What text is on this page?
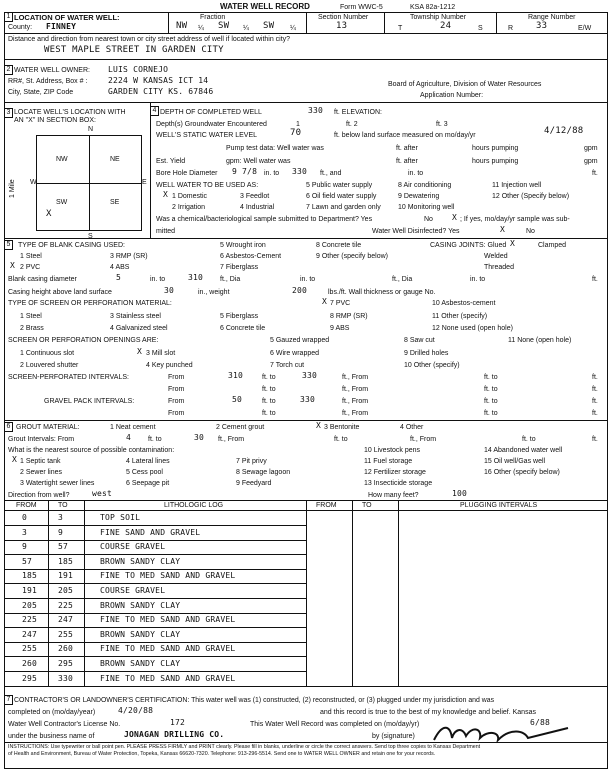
WATER WELL RECORD	Form WWC-5	KSA 82a-1212
1 LOCATION OF WATER WELL:
County: FINNEY
Fraction
NW ¼ SW ¼ SW ¼
Section Number
13
Township Number
T	24	S
Range Number
R	33	E/W
Distance and direction from nearest town or city street address of well if located within city?
WEST MAPLE STREET IN GARDEN CITY
2 WATER WELL OWNER: LUIS CORNEJO
RR#, St. Address, Box # :	2224 W KANSAS ICT 14	Board of Agriculture, Division of Water Resources
City, State, ZIP Code	GARDEN CITY KS. 67846	Application Number:
3 LOCATE WELL'S LOCATION WITH
AN "X" IN SECTION BOX:
N
S
W	E
1 Mile
NW	NE
SW	SE
X
4 DEPTH OF COMPLETED WELL	330 ft. ELEVATION:
Depth(s) Groundwater Encountered	1	ft. 2	ft. 3
WELL'S STATIC WATER LEVEL	70	ft. below land surface measured on mo/day/yr	4/12/88
Pump test data: Well water was	ft. after	hours pumping	gpm
Est. Yield	gpm: Well water was	ft. after	hours pumping	gpm
Bore Hole Diameter 9 7/8 in. to 330 ft., and	in. to	ft.
WELL WATER TO BE USED AS:
1 Domestic
X	3 Feedlot
5 Public water supply
6 Oil field water supply
8 Air conditioning
9 Dewatering
11 Injection well
12 Other (Specify below)
2 Irrigation	4 Industrial	7 Lawn and garden only 10 Monitoring well
Was a chemical/bacteriological sample submitted to Department? Yes	No X ; If yes, mo/day/yr sample was sub-
mitted	Water Well Disinfected? Yes	X	No
5	TYPE OF BLANK CASING USED:
1 Steel
2 PVC
X
3 RMP (SR)
4 ABS
5 Wrought iron
6 Asbestos-Cement
7 Fiberglass
8 Concrete tile
9 Other (specify below)
CASING JOINTS: Glued X	Clamped
Welded
Threaded
Blank casing diameter	5	in. to	310 ft., Dia	in. to	ft., Dia	in. to	ft.
Casing height above land surface	30	in., weight	200	lbs./ft. Wall thickness or gauge No.
TYPE OF SCREEN OR PERFORATION MATERIAL:
1 Steel
2 Brass
3 Stainless steel
4 Galvanized steel
5 Fiberglass
6 Concrete tile
7 PVC
X
8 RMP (SR)
9 ABS
10 Asbestos-cement
11 Other (specify)
12 None used (open hole)
SCREEN OR PERFORATION OPENINGS ARE:
1 Continuous slot
2 Louvered shutter
3 Mill slot
X
4 Key punched
5 Gauzed wrapped
6 Wire wrapped
7 Torch cut
8 Saw cut
9 Drilled holes
10 Other (specify)
11 None (open hole)
SCREEN-PERFORATED INTERVALS:	From	310	ft. to	330	ft., From	ft. to	ft.
From	ft. to	ft., From	ft. to	ft.
GRAVEL PACK INTERVALS:	From	50	ft. to	330	ft., From	ft. to	ft.
From	ft. to	ft., From	ft. to	ft.
6 GROUT MATERIAL:	1 Neat cement	2 Cement grout	3 Bentonite
X	4 Other
Grout Intervals: From	4 ft. to	30 ft., From	ft. to	ft., From	ft. to	ft.
What is the nearest source of possible contamination:
1 Septic tank
X
2 Sewer lines
3 Watertight sewer lines
4 Lateral lines
5 Cess pool
6 Seepage pit
7 Pit privy
8 Sewage lagoon
9 Feedyard
10 Livestock pens
11 Fuel storage
12 Fertilizer storage
13 Insecticide storage
14 Abandoned water well
15 Oil well/Gas well
16 Other (specify below)
Direction from well?	west	How many feet?	100
FROM	TO	LITHOLOGIC LOG	FROM	TO	PLUGGING INTERVALS
0	3	TOP SOIL
3	9	FINE SAND AND GRAVEL
9	57	COURSE GRAVEL
57	185	BROWN SANDY CLAY
185	191	FINE TO MED SAND AND GRAVEL
191	205	COURSE GRAVEL
205	225	BROWN SANDY CLAY
225	247	FINE TO MED SAND AND GRAVEL
247	255	BROWN SANDY CLAY
255	260	FINE TO MED SAND AND GRAVEL
260	295	BROWN SANDY CLAY
295	330	FINE TO MED SAND AND GRAVEL
7 CONTRACTOR'S OR LANDOWNER'S CERTIFICATION: This water well was (1) constructed, (2) reconstructed, or (3) plugged under my jurisdiction and was
completed on (mo/day/year)	4/20/88	and this record is true to the best of my knowledge and belief. Kansas
Water Well Contractor's License No.	172	This Water Well Record was completed on (mo/day/yr)	6/88
under the business name of	JONAGAN DRILLING CO.	by (signature)
INSTRUCTIONS: Use typewriter or ball point pen. PLEASE PRESS FIRMLY and PRINT clearly. Please fill in blanks, underline or circle the correct answers. Send top three copies to Kansas Department
of Health and Environment, Bureau of Water Protection, Topeka, Kansas 66620-7320. Telephone: 913-296-5514. Send one to WATER WELL OWNER and retain one for your records.
